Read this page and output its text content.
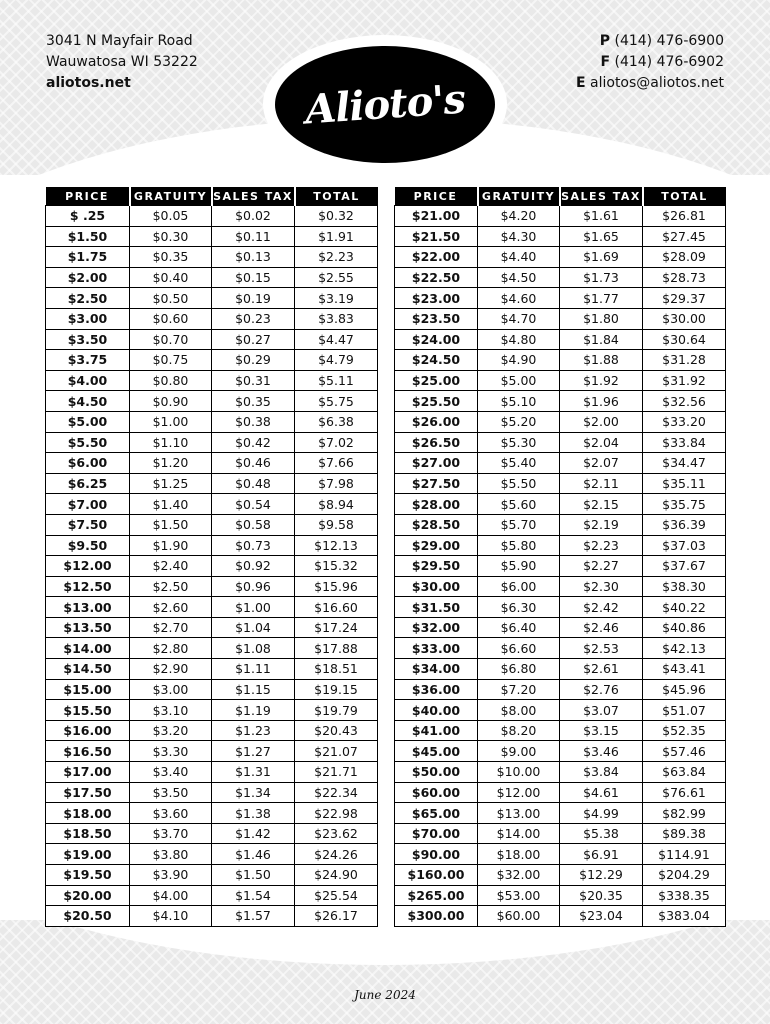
3041 N Mayfair Road
Wauwatosa WI 53222
aliotos.net	Alioto's
P (414) 476-6900
F (414) 476-6902
E aliotos@aliotos.net
PRICE	GRATUITY	SALES TAX	TOTAL
$ .25	$0.05	$0.02	$0.32
$1.50	$0.30	$0.11	$1.91
$1.75	$0.35	$0.13	$2.23
$2.00	$0.40	$0.15	$2.55
$2.50	$0.50	$0.19	$3.19
$3.00	$0.60	$0.23	$3.83
$3.50	$0.70	$0.27	$4.47
$3.75	$0.75	$0.29	$4.79
$4.00	$0.80	$0.31	$5.11
$4.50	$0.90	$0.35	$5.75
$5.00	$1.00	$0.38	$6.38
$5.50	$1.10	$0.42	$7.02
$6.00	$1.20	$0.46	$7.66
$6.25	$1.25	$0.48	$7.98
$7.00	$1.40	$0.54	$8.94
$7.50	$1.50	$0.58	$9.58
$9.50	$1.90	$0.73	$12.13
$12.00	$2.40	$0.92	$15.32
$12.50	$2.50	$0.96	$15.96
$13.00	$2.60	$1.00	$16.60
$13.50	$2.70	$1.04	$17.24
$14.00	$2.80	$1.08	$17.88
$14.50	$2.90	$1.11	$18.51
$15.00	$3.00	$1.15	$19.15
$15.50	$3.10	$1.19	$19.79
$16.00	$3.20	$1.23	$20.43
$16.50	$3.30	$1.27	$21.07
$17.00	$3.40	$1.31	$21.71
$17.50	$3.50	$1.34	$22.34
$18.00	$3.60	$1.38	$22.98
$18.50	$3.70	$1.42	$23.62
$19.00	$3.80	$1.46	$24.26
$19.50	$3.90	$1.50	$24.90
$20.00	$4.00	$1.54	$25.54
$20.50	$4.10	$1.57	$26.17
PRICE	GRATUITY	SALES TAX	TOTAL
$21.00	$4.20	$1.61	$26.81
$21.50	$4.30	$1.65	$27.45
$22.00	$4.40	$1.69	$28.09
$22.50	$4.50	$1.73	$28.73
$23.00	$4.60	$1.77	$29.37
$23.50	$4.70	$1.80	$30.00
$24.00	$4.80	$1.84	$30.64
$24.50	$4.90	$1.88	$31.28
$25.00	$5.00	$1.92	$31.92
$25.50	$5.10	$1.96	$32.56
$26.00	$5.20	$2.00	$33.20
$26.50	$5.30	$2.04	$33.84
$27.00	$5.40	$2.07	$34.47
$27.50	$5.50	$2.11	$35.11
$28.00	$5.60	$2.15	$35.75
$28.50	$5.70	$2.19	$36.39
$29.00	$5.80	$2.23	$37.03
$29.50	$5.90	$2.27	$37.67
$30.00	$6.00	$2.30	$38.30
$31.50	$6.30	$2.42	$40.22
$32.00	$6.40	$2.46	$40.86
$33.00	$6.60	$2.53	$42.13
$34.00	$6.80	$2.61	$43.41
$36.00	$7.20	$2.76	$45.96
$40.00	$8.00	$3.07	$51.07
$41.00	$8.20	$3.15	$52.35
$45.00	$9.00	$3.46	$57.46
$50.00	$10.00	$3.84	$63.84
$60.00	$12.00	$4.61	$76.61
$65.00	$13.00	$4.99	$82.99
$70.00	$14.00	$5.38	$89.38
$90.00	$18.00	$6.91	$114.91
$160.00	$32.00	$12.29	$204.29
$265.00	$53.00	$20.35	$338.35
$300.00	$60.00	$23.04	$383.04
June 2024
